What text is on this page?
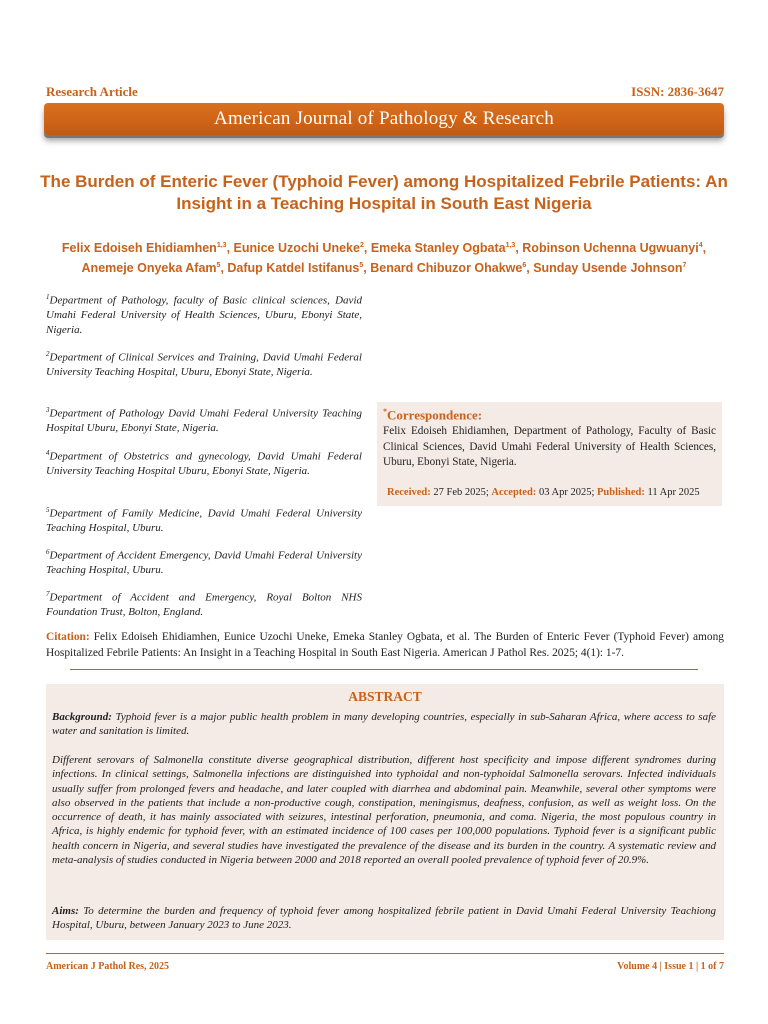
Research Article	ISSN: 2836-3647
American Journal of Pathology & Research
The Burden of Enteric Fever (Typhoid Fever) among Hospitalized Febrile Patients: An Insight in a Teaching Hospital in South East Nigeria
Felix Edoiseh Ehidiamhen$^{1,3}$, Eunice Uzochi Uneke$^2$, Emeka Stanley Ogbata$^{1,3}$, Robinson Uchenna Ugwuanyi$^4$, Anemeje Onyeka Afam$^5$, Dafup Katdel Istifanus$^5$, Benard Chibuzor Ohakwe$^6$, Sunday Usende Johnson$^7$

$^1$Department of Pathology, faculty of Basic clinical sciences, David Umahi Federal University of Health Sciences, Uburu, Ebonyi State, Nigeria.

$^2$Department of Clinical Services and Training, David Umahi Federal University Teaching Hospital, Uburu, Ebonyi State, Nigeria.

$^3$Department of Pathology David Umahi Federal University Teaching Hospital Uburu, Ebonyi State, Nigeria.

$^4$Department of Obstetrics and gynecology, David Umahi Federal University Teaching Hospital Uburu, Ebonyi State, Nigeria.

$^5$Department of Family Medicine, David Umahi Federal University Teaching Hospital, Uburu.

$^6$Department of Accident Emergency, David Umahi Federal University Teaching Hospital, Uburu.

$^7$Department of Accident and Emergency, Royal Bolton NHS Foundation Trust, Bolton, England.

*Correspondence:
Felix Edoiseh Ehidiamhen, Department of Pathology, Faculty of Basic Clinical Sciences, David Umahi Federal University of Health Sciences, Uburu, Ebonyi State, Nigeria.
Received: 27 Feb 2025; Accepted: 03 Apr 2025; Published: 11 Apr 2025
Citation: Felix Edoiseh Ehidiamhen, Eunice Uzochi Uneke, Emeka Stanley Ogbata, et al. The Burden of Enteric Fever (Typhoid Fever) among Hospitalized Febrile Patients: An Insight in a Teaching Hospital in South East Nigeria. American J Pathol Res. 2025; 4(1): 1-7.
ABSTRACT

Background: Typhoid fever is a major public health problem in many developing countries, especially in sub-Saharan Africa, where access to safe water and sanitation is limited.

Different serovars of Salmonella constitute diverse geographical distribution, different host specificity and impose different syndromes during infections. In clinical settings, Salmonella infections are distinguished into typhoidal and non-typhoidal Salmonella serovars. Infected individuals usually suffer from prolonged fevers and headache, and later coupled with diarrhea and abdominal pain. Meanwhile, several other symptoms were also observed in the patients that include a non-productive cough, constipation, meningismus, deafness, confusion, as well as weight loss. On the occurrence of death, it has mainly associated with seizures, intestinal perforation, pneumonia, and coma. Nigeria, the most populous country in Africa, is highly endemic for typhoid fever, with an estimated incidence of 100 cases per 100,000 populations. Typhoid fever is a significant public health concern in Nigeria, and several studies have investigated the prevalence of the disease and its burden in the country. A systematic review and meta-analysis of studies conducted in Nigeria between 2000 and 2018 reported an overall pooled prevalence of typhoid fever of 20.9%.

Aims: To determine the burden and frequency of typhoid fever among hospitalized febrile patient in David Umahi Federal University Teachiong Hospital, Uburu, between January 2023 to June 2023.

American J Pathol Res, 2025	Volume 4 | Issue 1 | 1 of 7
